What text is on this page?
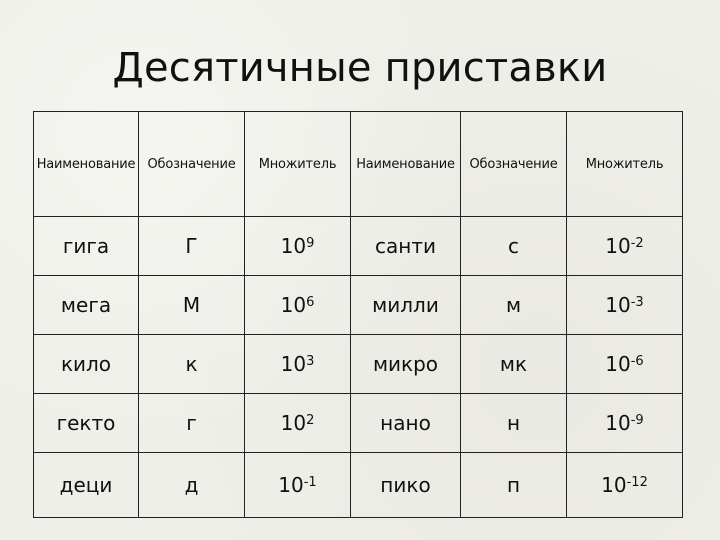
Десятичные приставки
Наименование	Обозначение	Множитель	Наименование	Обозначение	Множитель
гига	Г	$10^9$	санти	с	$10^{-2}$
мега	М	$10^6$	милли	м	$10^{-3}$
кило	к	$10^3$	микро	мк	$10^{-6}$
гекто	г	$10^2$	нано	н	$10^{-9}$
деци	д	$10^{-1}$	пико	п	$10^{-12}$
